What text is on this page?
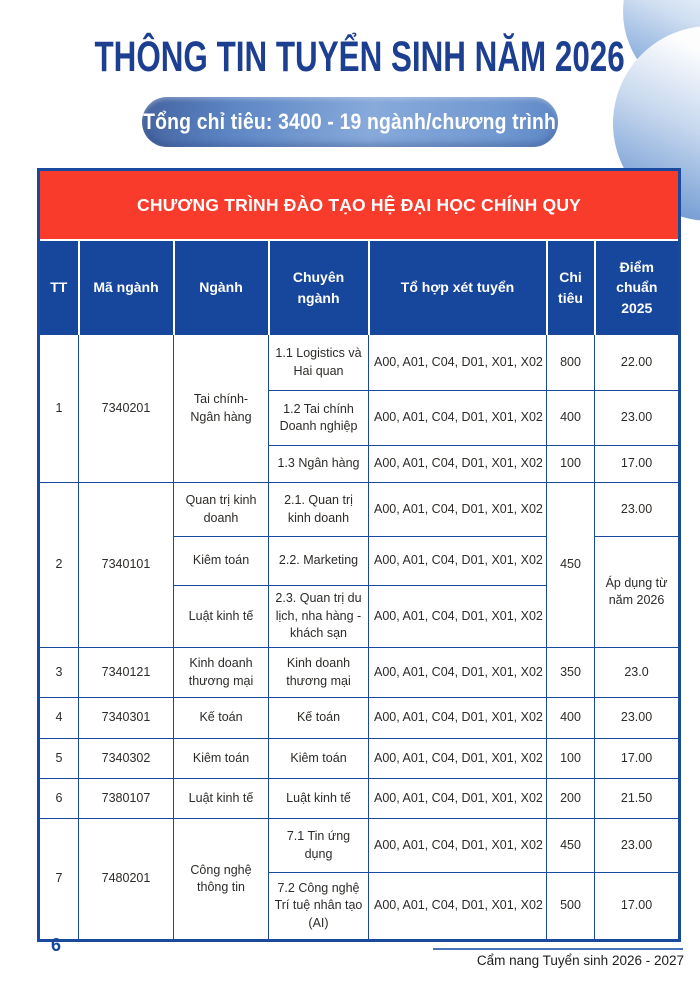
THÔNG TIN TUYỂN SINH NĂM 2026
Tổng chỉ tiêu: 3400 - 19 ngành/chương trình
CHƯƠNG TRÌNH ĐÀO TẠO HỆ ĐẠI HỌC CHÍNH QUY						
TT	Mã ngành	Ngành	Chuyên ngành	Tổ hợp xét tuyển	Chi tiêu	Điểm chuẩn 2025
1	7340201	Tai chính- Ngân hàng	1.1 Logistics và Hai quan	A00, A01, C04, D01, X01, X02	800	22.00
			1.2 Tai chính Doanh nghiệp	A00, A01, C04, D01, X01, X02	400	23.00
			1.3 Ngân hàng	A00, A01, C04, D01, X01, X02	100	17.00
2	7340101	Quan trị kinh doanh	2.1. Quan trị kinh doanh	A00, A01, C04, D01, X01, X02	450	23.00
		Kiêm toán	2.2. Marketing	A00, A01, C04, D01, X01, X02		Áp dụng từ năm 2026
		Luật kinh tế	2.3. Quan trị du lịch, nha hàng - khách sạn	A00, A01, C04, D01, X01, X02		
3	7340121	Kinh doanh thương mại	Kinh doanh thương mại	A00, A01, C04, D01, X01, X02	350	23.0
4	7340301	Kế toán	Kế toán	A00, A01, C04, D01, X01, X02	400	23.00
5	7340302	Kiêm toán	Kiêm toán	A00, A01, C04, D01, X01, X02	100	17.00
6	7380107	Luật kinh tế	Luật kinh tế	A00, A01, C04, D01, X01, X02	200	21.50
7	7480201	Công nghệ thông tin	7.1 Tin ứng dụng	A00, A01, C04, D01, X01, X02	450	23.00
			7.2 Công nghệ Trí tuệ nhân tạo (AI)	A00, A01, C04, D01, X01, X02	500	17.00
6
Cẩm nang Tuyển sinh 2026 - 2027
